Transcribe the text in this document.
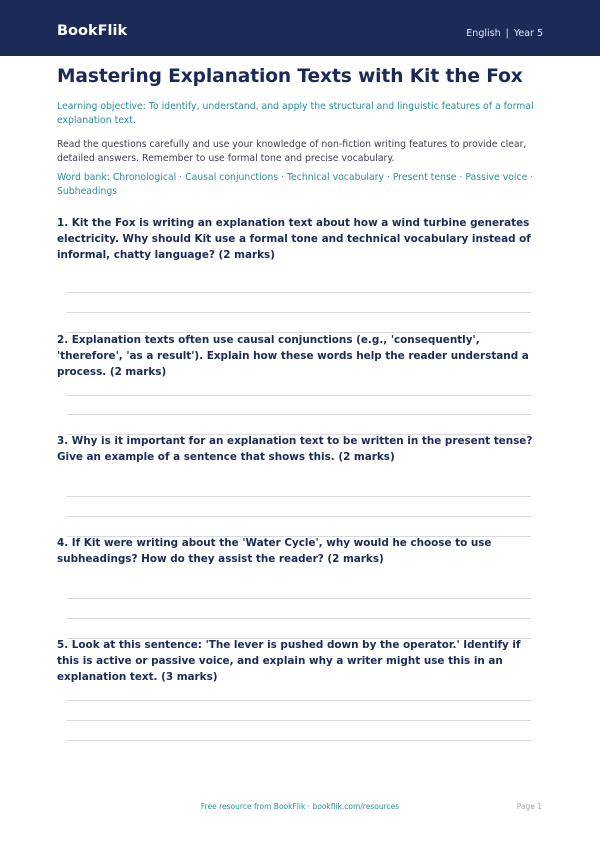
BookFlik	English | Year 5
Mastering Explanation Texts with Kit the Fox

Learning objective: To identify, understand, and apply the structural and linguistic features of a formal explanation text.

Read the questions carefully and use your knowledge of non-fiction writing features to provide clear, detailed answers. Remember to use formal tone and precise vocabulary.

Word bank: Chronological · Causal conjunctions · Technical vocabulary · Present tense · Passive voice · Subheadings

1. Kit the Fox is writing an explanation text about how a wind turbine generates electricity. Why should Kit use a formal tone and technical vocabulary instead of informal, chatty language? (2 marks)

2. Explanation texts often use causal conjunctions (e.g., 'consequently', 'therefore', 'as a result'). Explain how these words help the reader understand a process. (2 marks)

3. Why is it important for an explanation text to be written in the present tense? Give an example of a sentence that shows this. (2 marks)

4. If Kit were writing about the 'Water Cycle', why would he choose to use subheadings? How do they assist the reader? (2 marks)

5. Look at this sentence: 'The lever is pushed down by the operator.' Identify if this is active or passive voice, and explain why a writer might use this in an explanation text. (3 marks)

Free resource from BookFlik · bookflik.com/resources	Page 1
